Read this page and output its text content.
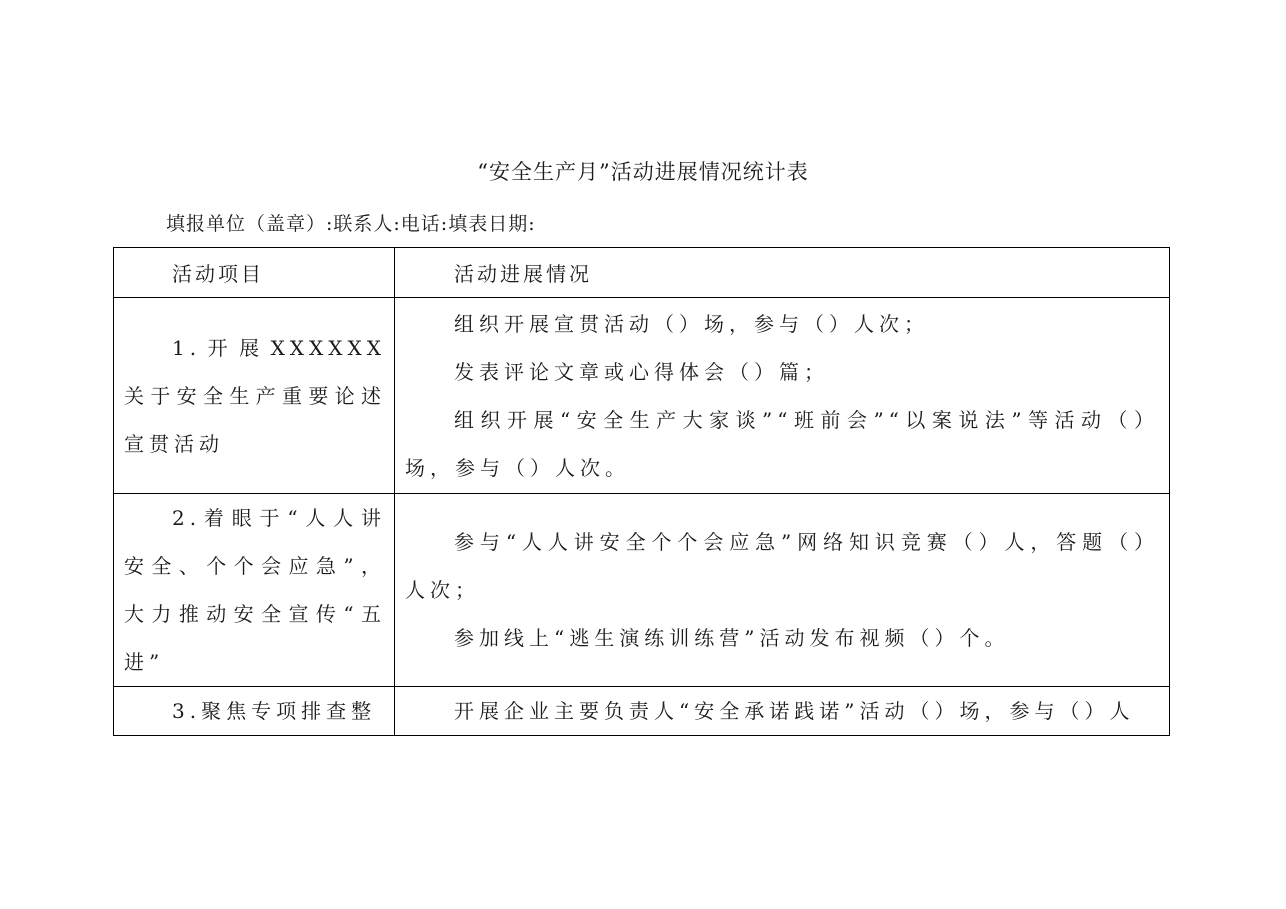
“安全生产月”活动进展情况统计表
填报单位（盖章）:联系人:电话:填表日期:
活动项目	活动进展情况
1.开展XXXXXX关于安全生产重要论述宣贯活动	组织开展宣贯活动（）场，参与（）人次；

发表评论文章或心得体会（）篇；

组织开展“安全生产大家谈”“班前会”“以案说法”等活动（）场，参与（）人次。

2.着眼于“人人讲安全、个个会应急”，大力推动安全宣传“五进”	参与“人人讲安全个个会应急”网络知识竞赛（）人，答题（）人次；

参加线上“逃生演练训练营”活动发布视频（）个。

3.聚焦专项排查整	开展企业主要负责人“安全承诺践诺”活动（）场，参与（）人
